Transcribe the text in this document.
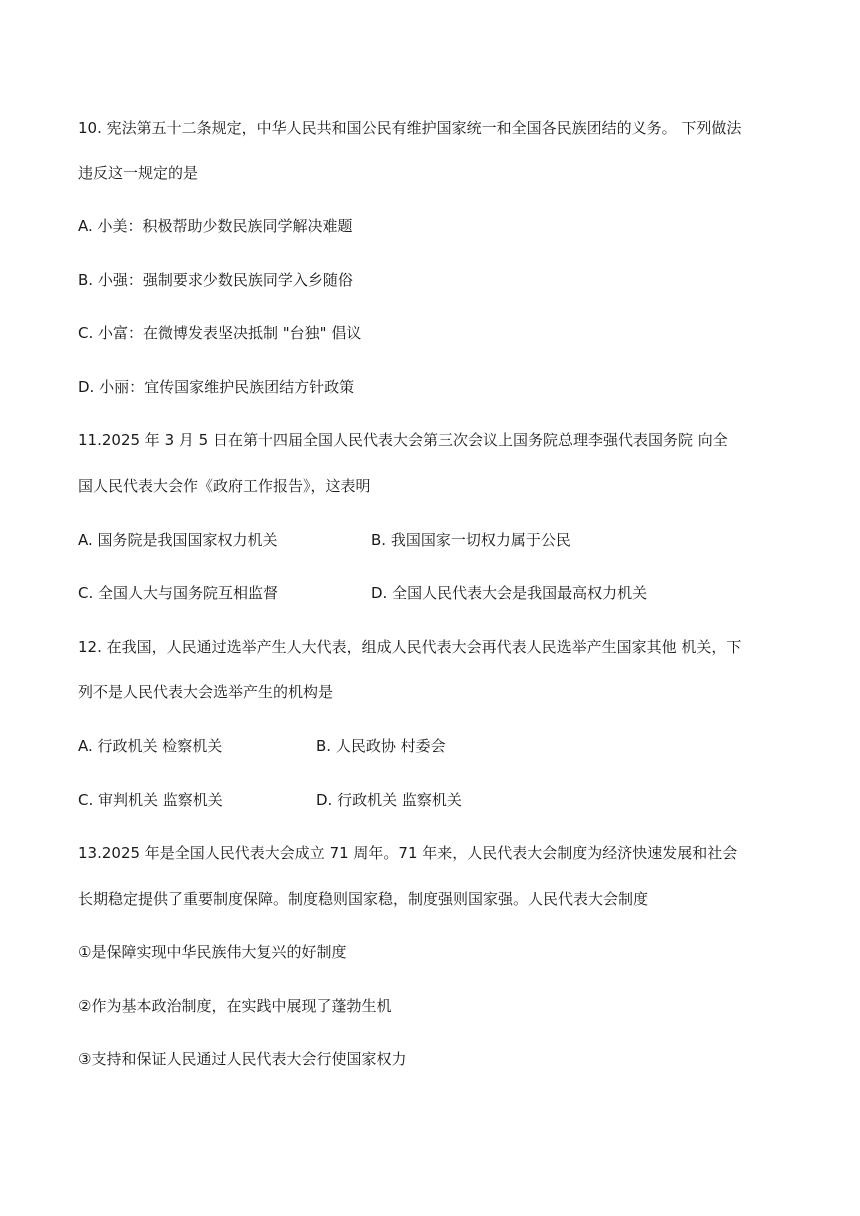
10. 宪法第五十二条规定，中华人民共和国公民有维护国家统一和全国各民族团结的义务。 下列做法
违反这一规定的是
A. 小美：积极帮助少数民族同学解决难题
B. 小强：强制要求少数民族同学入乡随俗
C. 小富：在微博发表坚决抵制 "台独" 倡议
D. 小丽：宜传国家维护民族团结方针政策
11.2025 年 3 月 5 日在第十四届全国人民代表大会第三次会议上国务院总理李强代表国务院 向全
国人民代表大会作《政府工作报告》，这表明
A. 国务院是我国国家权力机关	B. 我国国家一切权力属于公民
C. 全国人大与国务院互相监督	D. 全国人民代表大会是我国最高权力机关
12. 在我国，人民通过选举产生人大代表，组成人民代表大会再代表人民选举产生国家其他 机关，下
列不是人民代表大会选举产生的机构是
A. 行政机关 检察机关	B. 人民政协 村委会
C. 审判机关 监察机关	D. 行政机关 监察机关
13.2025 年是全国人民代表大会成立 71 周年。71 年来，人民代表大会制度为经济快速发展和社会
长期稳定提供了重要制度保障。制度稳则国家稳，制度强则国家强。人民代表大会制度
①是保障实现中华民族伟大复兴的好制度
②作为基本政治制度，在实践中展现了蓬勃生机
③支持和保证人民通过人民代表大会行使国家权力
